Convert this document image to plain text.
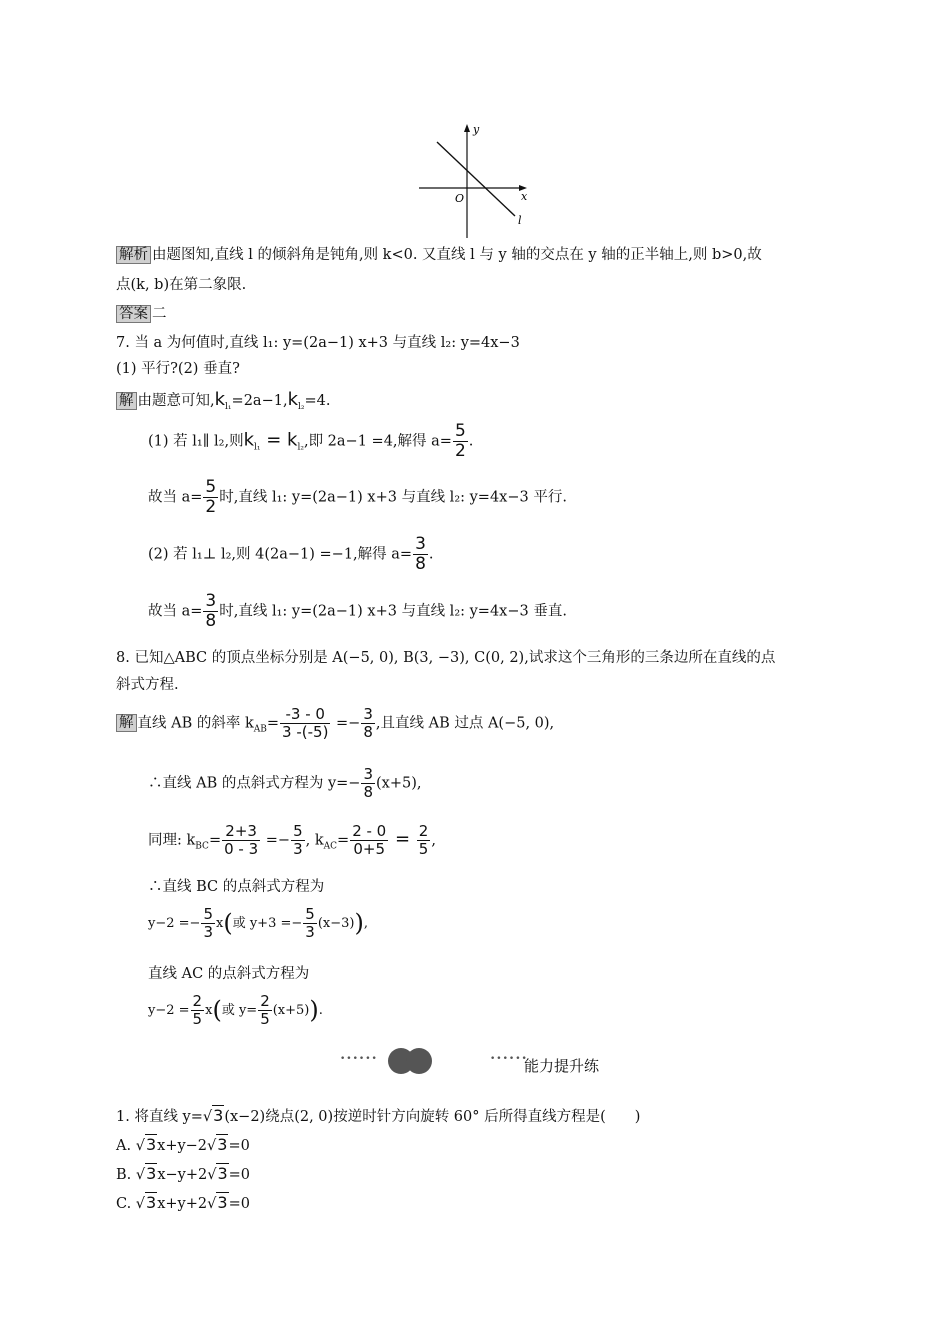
y
x
O
l
解析 由题图知,直线 l 的倾斜角是钝角,则 k<0. 又直线 l 与 y 轴的交点在 y 轴的正半轴上,则 b>0,故
点(k, b)在第二象限.
答案 二
7. 当 a 为何值时,直线 l₁: y=(2a−1) x+3 与直线 l₂: y=4x−3
(1) 平行?(2) 垂直?
解 由题意可知$,k_{l_1}=2a-1,k_{l_2}=4$.
(1) 若 l₁∥ l₂,则$k_{l_1} = k_{l_2}$,即 2a−1 =4,解得 $a= \frac{5}{2}$ .
故当 $a= \frac{5}{2}$ 时,直线 l₁: y=(2a−1) x+3 与直线 l₂: y=4x−3 平行.
(2) 若 l₁⊥ l₂,则 4(2a−1) =−1,解得 $a= \frac{3}{8}$ .
故当 $a= \frac{3}{8}$ 时,直线 l₁: y=(2a−1) x+3 与直线 l₂: y=4x−3 垂直.
8. 已知△ABC 的顶点坐标分别是 A(−5, 0), B(3, −3), C(0, 2),试求这个三角形的三条边所在直线的点
斜式方程.
解 直线 AB 的斜率 $k_{AB}= \frac{-3 - 0}{3 -(-5)} =- \frac{3}{8}$ ,且直线 AB 过点 A(−5, 0),
∴直线 AB 的点斜式方程为 $y=- \frac{3}{8} (x+5)$,
同理: $k_{BC}= \frac{2+3}{0 - 3} =- \frac{5}{3}$ , $k_{AC}= \frac{2 - 0}{0+5} = \frac{2}{5}$ ,
∴直线 BC 的点斜式方程为
$y-2 =- \frac{5}{3} x$(或 $y+3 =- \frac{5}{3} (x-3)$),
直线 AC 的点斜式方程为
$y-2 = \frac{2}{5} x$(或 $y= \frac{2}{5} (x+5)$).
••••••	••••••
能力提升练
1. 将直线 y=√3(x−2)绕点(2, 0)按逆时针方向旋转 60° 后所得直线方程是(　　)
A. √3x+y−2√3=0
B. √3x−y+2√3=0
C. √3x+y+2√3=0
